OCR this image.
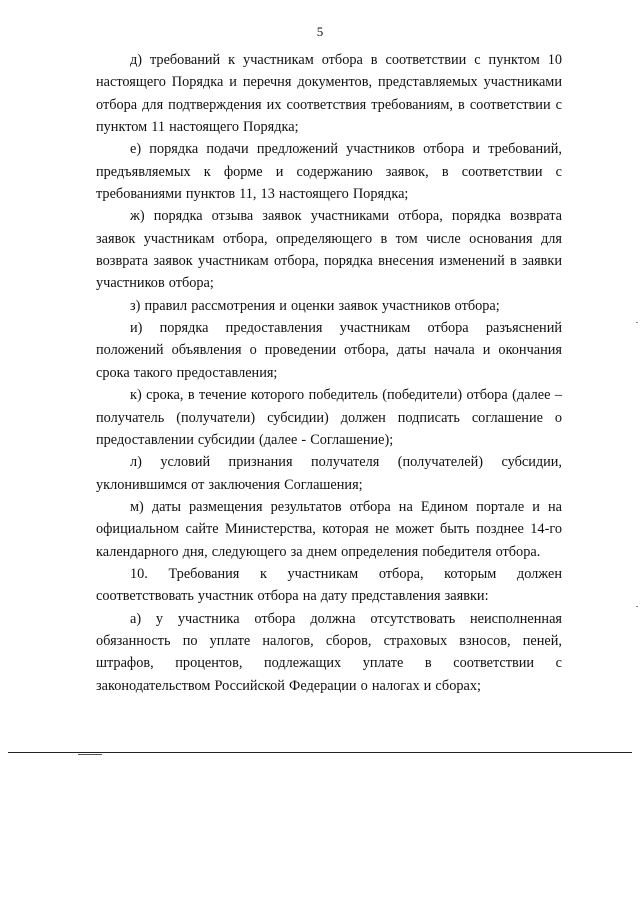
5

д) требований к участникам отбора в соответствии с пунктом 10 настоящего Порядка и перечня документов, представляемых участниками отбора для подтверждения их соответствия требованиям, в соответствии с пунктом 11 настоящего Порядка;

е) порядка подачи предложений участников отбора и требований, предъявляемых к форме и содержанию заявок, в соответствии с требованиями пунктов 11, 13 настоящего Порядка;

ж) порядка отзыва заявок участниками отбора, порядка возврата заявок участникам отбора, определяющего в том числе основания для возврата заявок участникам отбора, порядка внесения изменений в заявки участников отбора;

з) правил рассмотрения и оценки заявок участников отбора;

и) порядка предоставления участникам отбора разъяснений положений объявления о проведении отбора, даты начала и окончания срока такого предоставления;

к) срока, в течение которого победитель (победители) отбора (далее – получатель (получатели) субсидии) должен подписать соглашение о предоставлении субсидии (далее - Соглашение);

л) условий признания получателя (получателей) субсидии, уклонившимся от заключения Соглашения;

м) даты размещения результатов отбора на Едином портале и на официальном сайте Министерства, которая не может быть позднее 14-го календарного дня, следующего за днем определения победителя отбора.

10. Требования к участникам отбора, которым должен соответствовать участник отбора на дату представления заявки:

а) у участника отбора должна отсутствовать неисполненная обязанность по уплате налогов, сборов, страховых взносов, пеней, штрафов, процентов, подлежащих уплате в соответствии с законодательством Российской Федерации о налогах и сборах;
